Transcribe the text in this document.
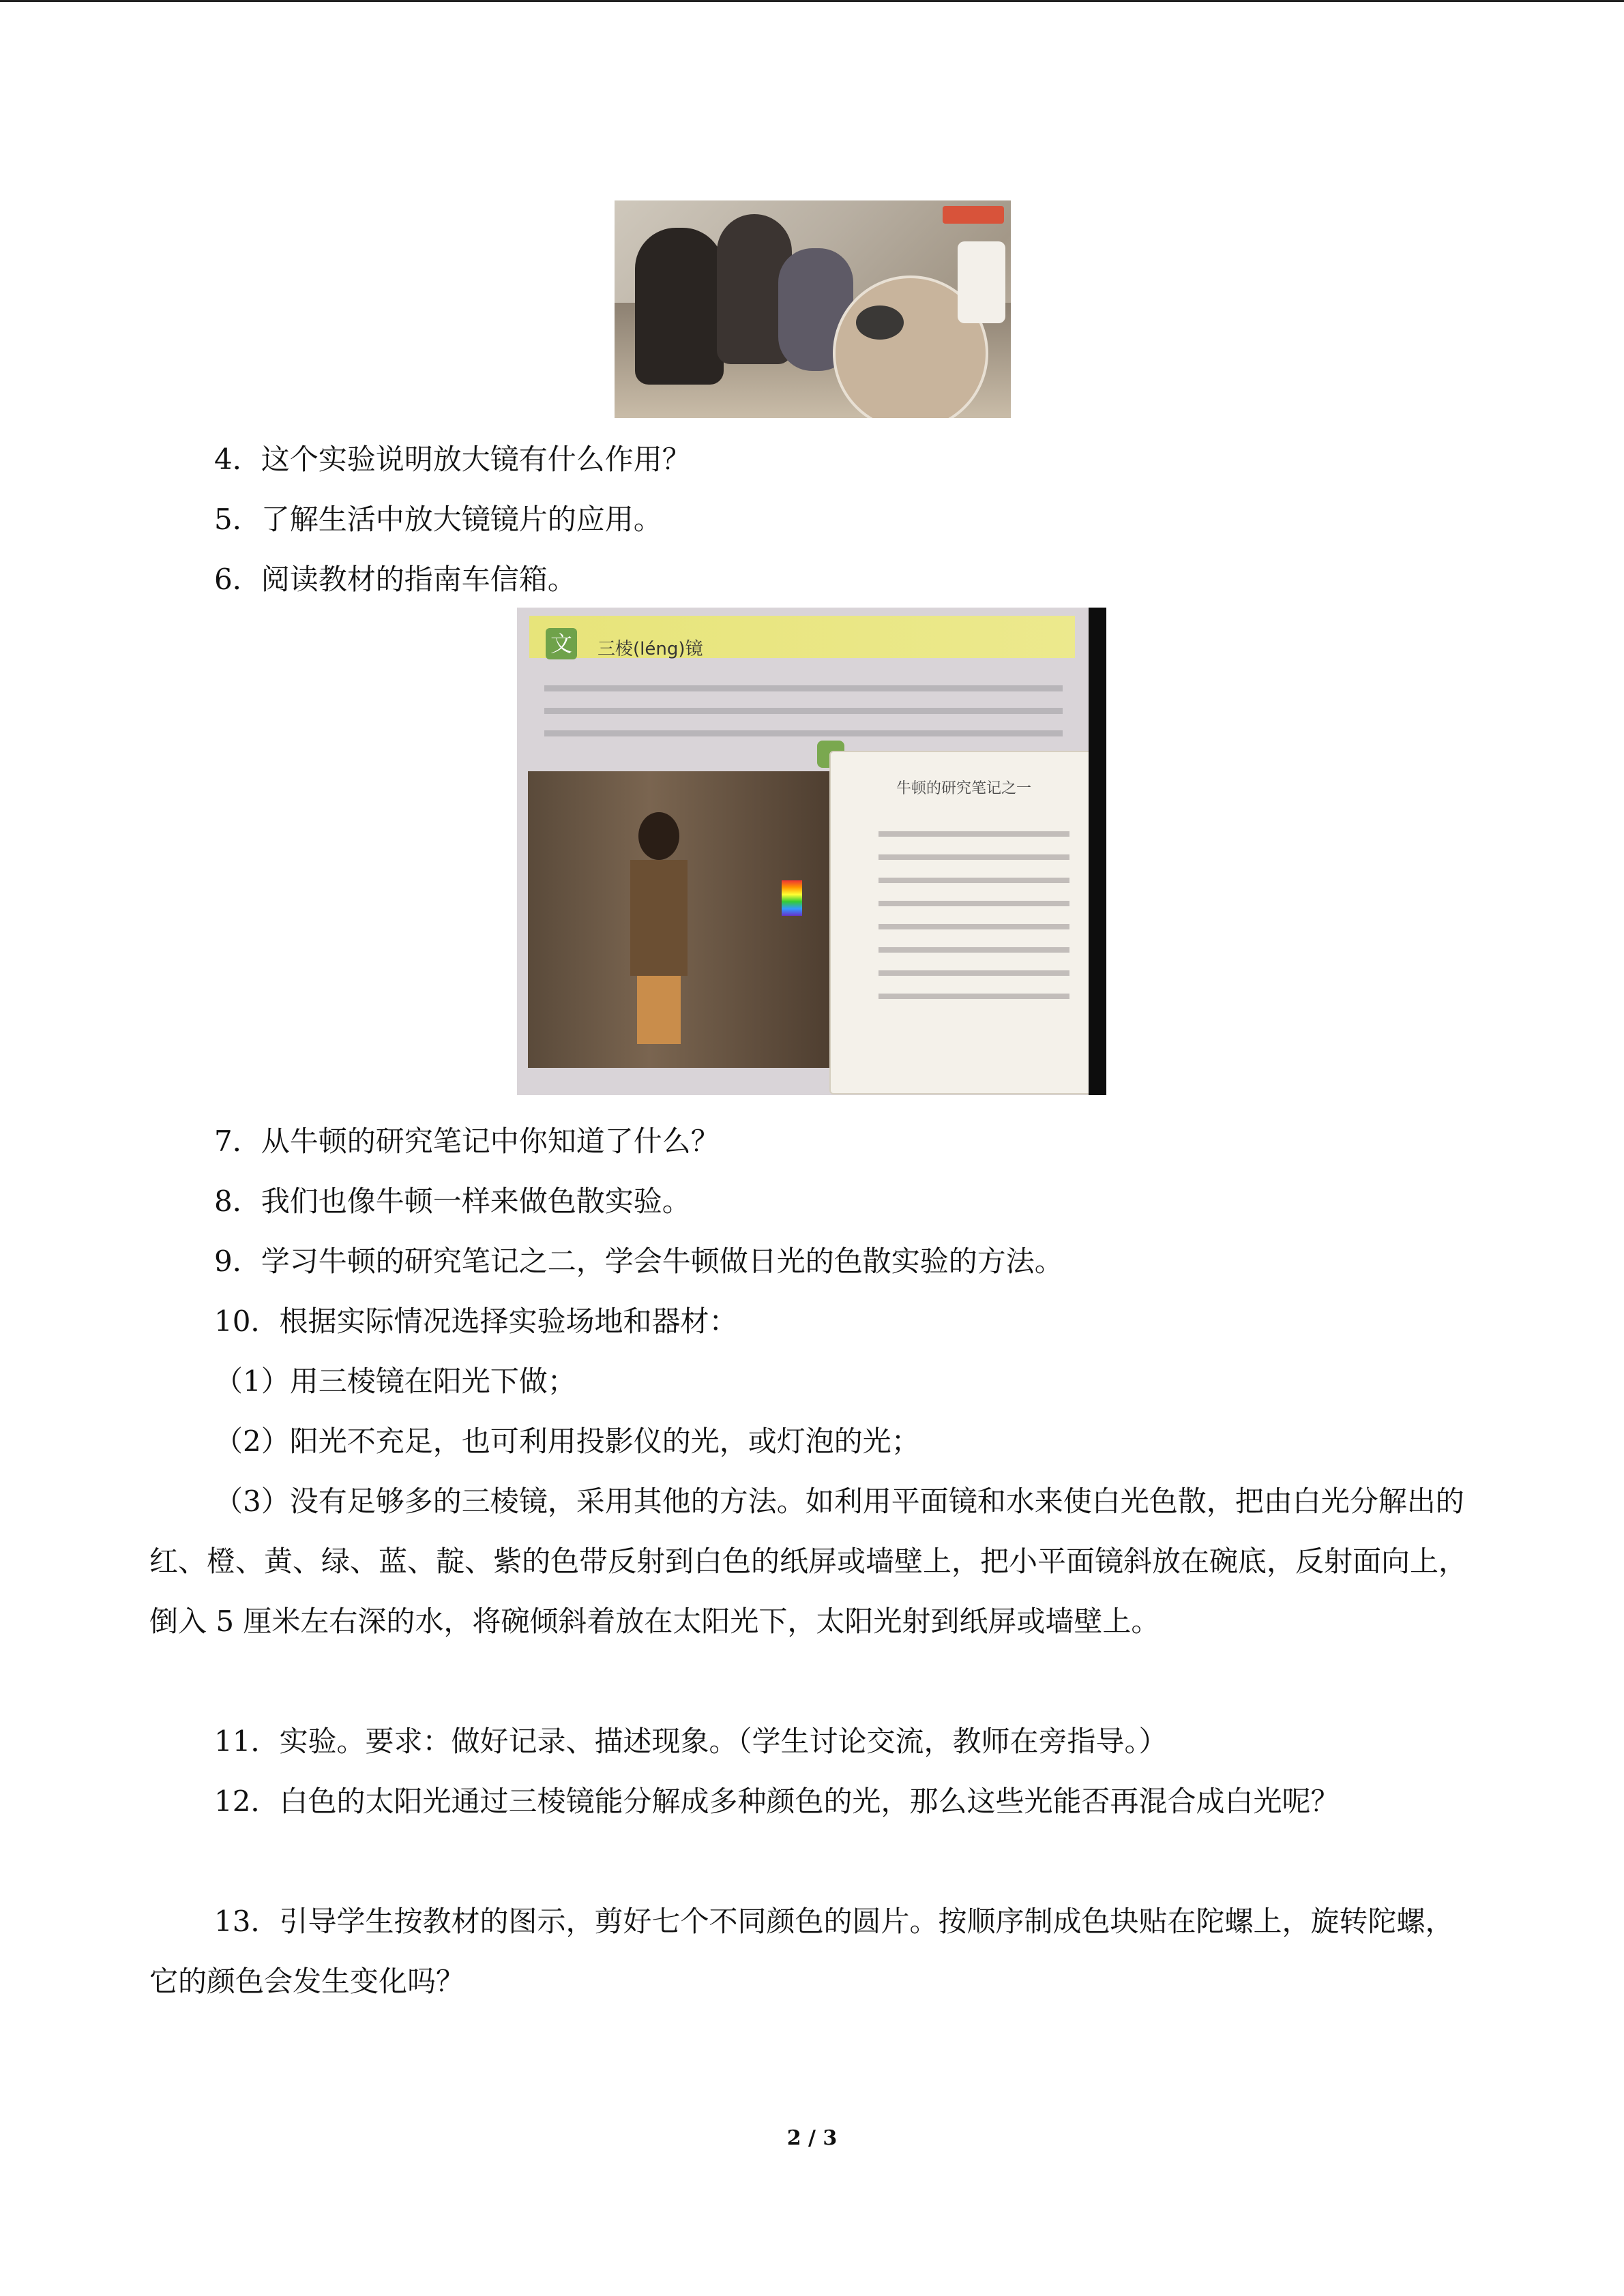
4．这个实验说明放大镜有什么作用？
5．了解生活中放大镜镜片的应用。
6．阅读教材的指南车信箱。
文 三棱(léng)镜
牛顿的研究笔记之一
7．从牛顿的研究笔记中你知道了什么？
8．我们也像牛顿一样来做色散实验。
9．学习牛顿的研究笔记之二，学会牛顿做日光的色散实验的方法。
10．根据实际情况选择实验场地和器材：
（1）用三棱镜在阳光下做；
（2）阳光不充足，也可利用投影仪的光，或灯泡的光；
（3）没有足够多的三棱镜，采用其他的方法。如利用平面镜和水来使白光色散，把由白光分解出的红、橙、黄、绿、蓝、靛、紫的色带反射到白色的纸屏或墙壁上，把小平面镜斜放在碗底，反射面向上，倒入 5 厘米左右深的水，将碗倾斜着放在太阳光下，太阳光射到纸屏或墙壁上。
11．实验。要求：做好记录、描述现象。（学生讨论交流，教师在旁指导。）
12．白色的太阳光通过三棱镜能分解成多种颜色的光，那么这些光能否再混合成白光呢？
13．引导学生按教材的图示，剪好七个不同颜色的圆片。按顺序制成色块贴在陀螺上，旋转陀螺，它的颜色会发生变化吗？
2 / 3
